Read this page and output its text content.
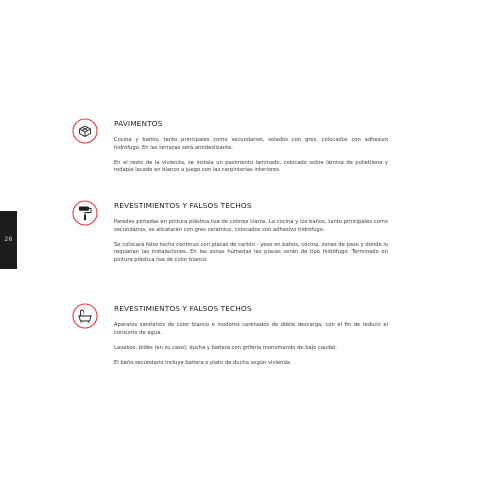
26
PAVIMENTOS

Cocina y baños, tanto principales como secundarios, solados con gres, colocados con adhesivo hidrófugo. En las terrazas será antideslizante.

En el resto de la vivienda, se instala un pavimento laminado, colocado sobre lámina de polietileno y rodapié lacado en blanco a juego con las carpinterías interiores.

REVESTIMIENTOS Y FALSOS TECHOS

Paredes pintadas en pintura plástica lisa de colores claros. La cocina y los baños, tanto principales como secundarios, se alicatarán con gres cerámico, colocados con adhesivo hidrófugo.

Se colocará falso techo continuo con placas de cartón - yeso en baños, cocina, zonas de paso y donde lo requieran las instalaciones. En las zonas húmedas las placas serán de tipo hidrófugo. Terminado en pintura plástica lisa de color blanco.

REVESTIMIENTOS Y FALSOS TECHOS

Aparatos sanitarios de color blanco e inodoros carenados de doble descarga, con el fin de reducir el consumo de agua.

Lavabos, bidés (en su caso), ducha y bañera con grifería monomando de bajo caudal.

El baño secundario incluye bañera o plato de ducha según vivienda
